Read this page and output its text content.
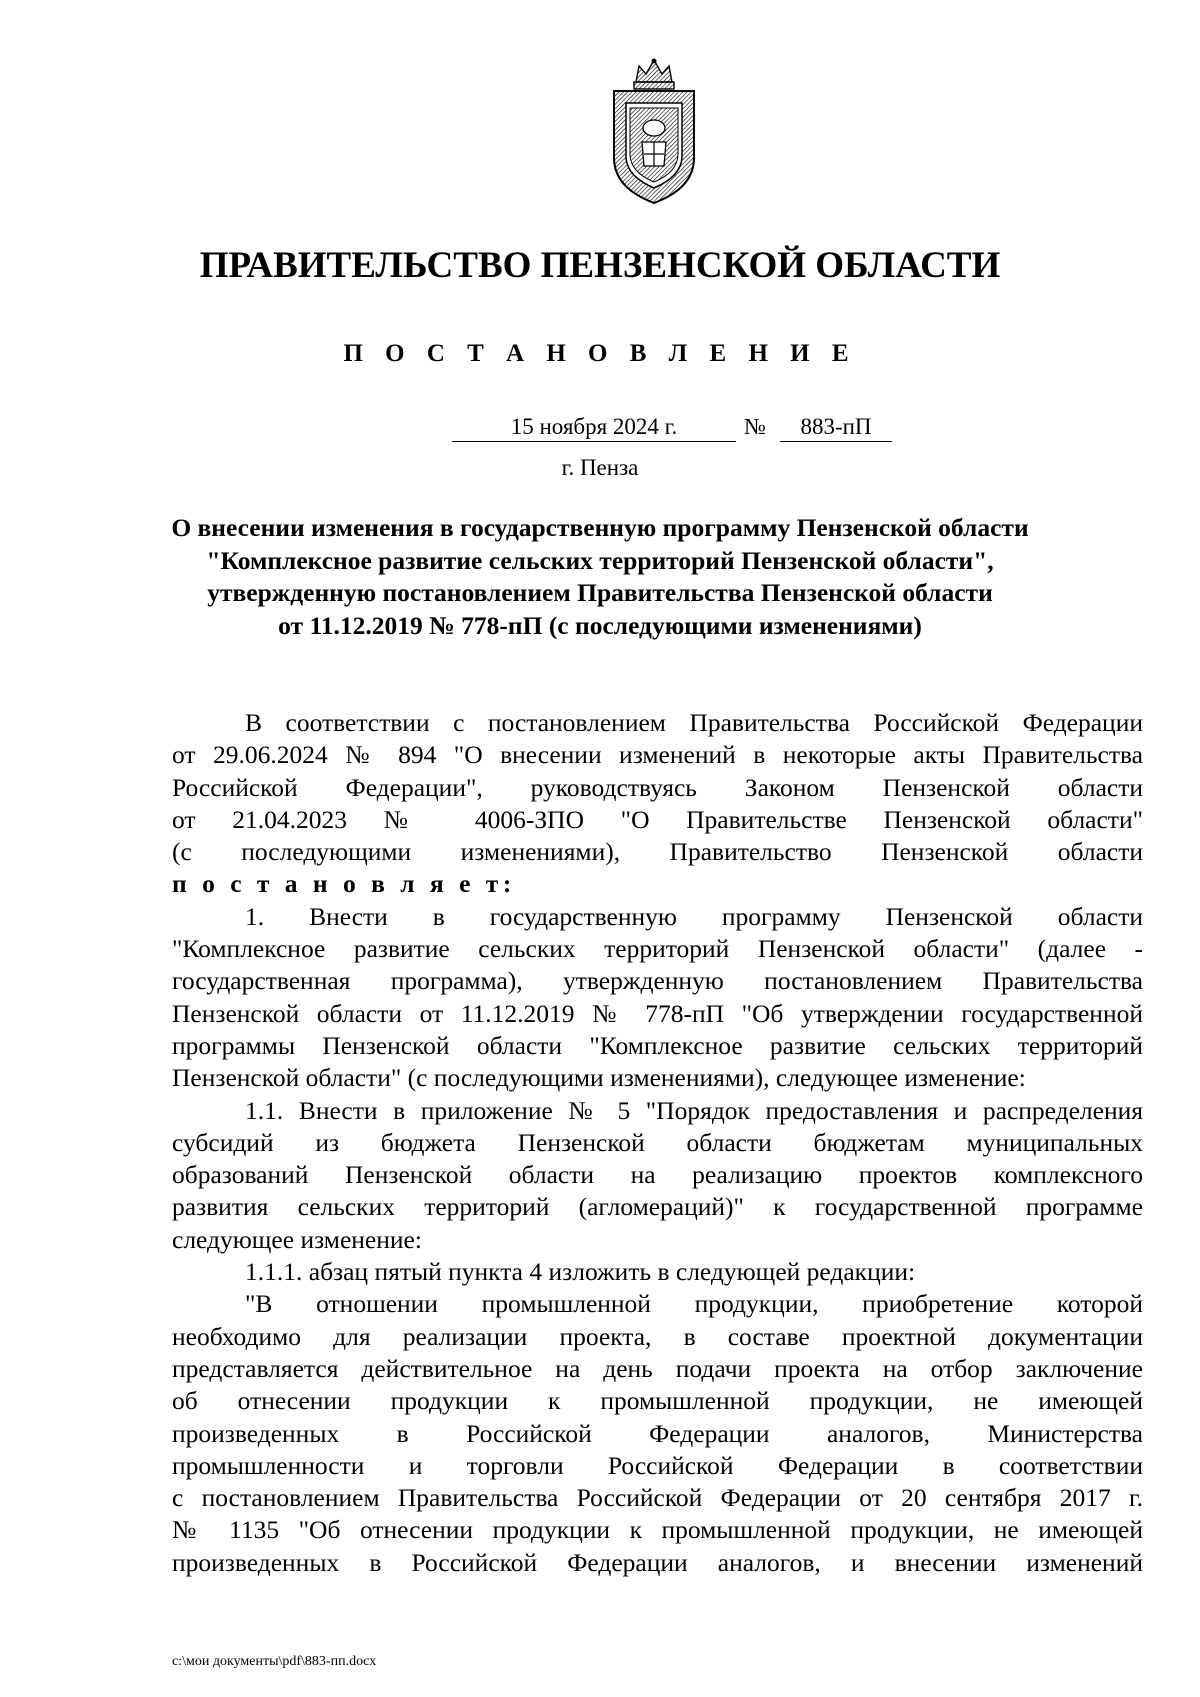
ПРАВИТЕЛЬСТВО ПЕНЗЕНСКОЙ ОБЛАСТИ
П О С Т А Н О В Л Е Н И Е
15 ноября 2024 г.	№	883-пП
г. Пенза
О внесении изменения в государственную программу Пензенской области
"Комплексное развитие сельских территорий Пензенской области",
утвержденную постановлением Правительства Пензенской области
от 11.12.2019 № 778-пП (с последующими изменениями)
В соответствии с постановлением Правительства Российской Федерации
от 29.06.2024 № 894 "О внесении изменений в некоторые акты Правительства
Российской Федерации", руководствуясь Законом Пензенской области
от 21.04.2023 № 4006-ЗПО "О Правительстве Пензенской области"
(с последующими изменениями), Правительство Пензенской области
п о с т а н о в л я е т:
1. Внести в государственную программу Пензенской области
"Комплексное развитие сельских территорий Пензенской области" (далее -
государственная программа), утвержденную постановлением Правительства
Пензенской области от 11.12.2019 № 778-пП "Об утверждении государственной
программы Пензенской области "Комплексное развитие сельских территорий
Пензенской области" (с последующими изменениями), следующее изменение:
1.1. Внести в приложение № 5 "Порядок предоставления и распределения
субсидий из бюджета Пензенской области бюджетам муниципальных
образований Пензенской области на реализацию проектов комплексного
развития сельских территорий (агломераций)" к государственной программе
следующее изменение:
1.1.1. абзац пятый пункта 4 изложить в следующей редакции:
"В отношении промышленной продукции, приобретение которой
необходимо для реализации проекта, в составе проектной документации
представляется действительное на день подачи проекта на отбор заключение
об отнесении продукции к промышленной продукции, не имеющей
произведенных в Российской Федерации аналогов, Министерства
промышленности и торговли Российской Федерации в соответствии
с постановлением Правительства Российской Федерации от 20 сентября 2017 г.
№ 1135 "Об отнесении продукции к промышленной продукции, не имеющей
произведенных в Российской Федерации аналогов, и внесении изменений
c:\мои документы\pdf\883-пп.docx
